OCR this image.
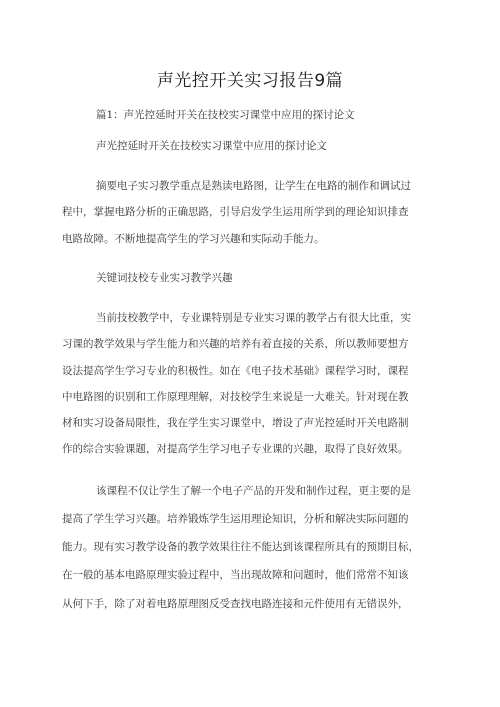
声光控开关实习报告9篇
篇1：声光控延时开关在技校实习课堂中应用的探讨论文
声光控延时开关在技校实习课堂中应用的探讨论文
摘要电子实习教学重点是熟读电路图，让学生在电路的制作和调试过
程中，掌握电路分析的正确思路，引导启发学生运用所学到的理论知识排查
电路故障。不断地提高学生的学习兴趣和实际动手能力。
关键词技校专业实习教学兴趣
当前技校教学中，专业课特别是专业实习课的教学占有很大比重，实
习课的教学效果与学生能力和兴趣的培养有着直接的关系，所以教师要想方
设法提高学生学习专业的积极性。如在《电子技术基础》课程学习时，课程
中电路图的识别和工作原理理解，对技校学生来说是一大难关。针对现在教
材和实习设备局限性，我在学生实习课堂中，增设了声光控延时开关电路制
作的综合实验课题，对提高学生学习电子专业课的兴趣，取得了良好效果。
该课程不仅让学生了解一个电子产品的开发和制作过程，更主要的是
提高了学生学习兴趣。培养锻炼学生运用理论知识，分析和解决实际问题的
能力。现有实习教学设备的教学效果往往不能达到该课程所具有的预期目标，
在一般的基本电路原理实验过程中，当出现故障和问题时，他们常常不知该
从何下手，除了对着电路原理图反受查找电路连接和元件使用有无错误外，
